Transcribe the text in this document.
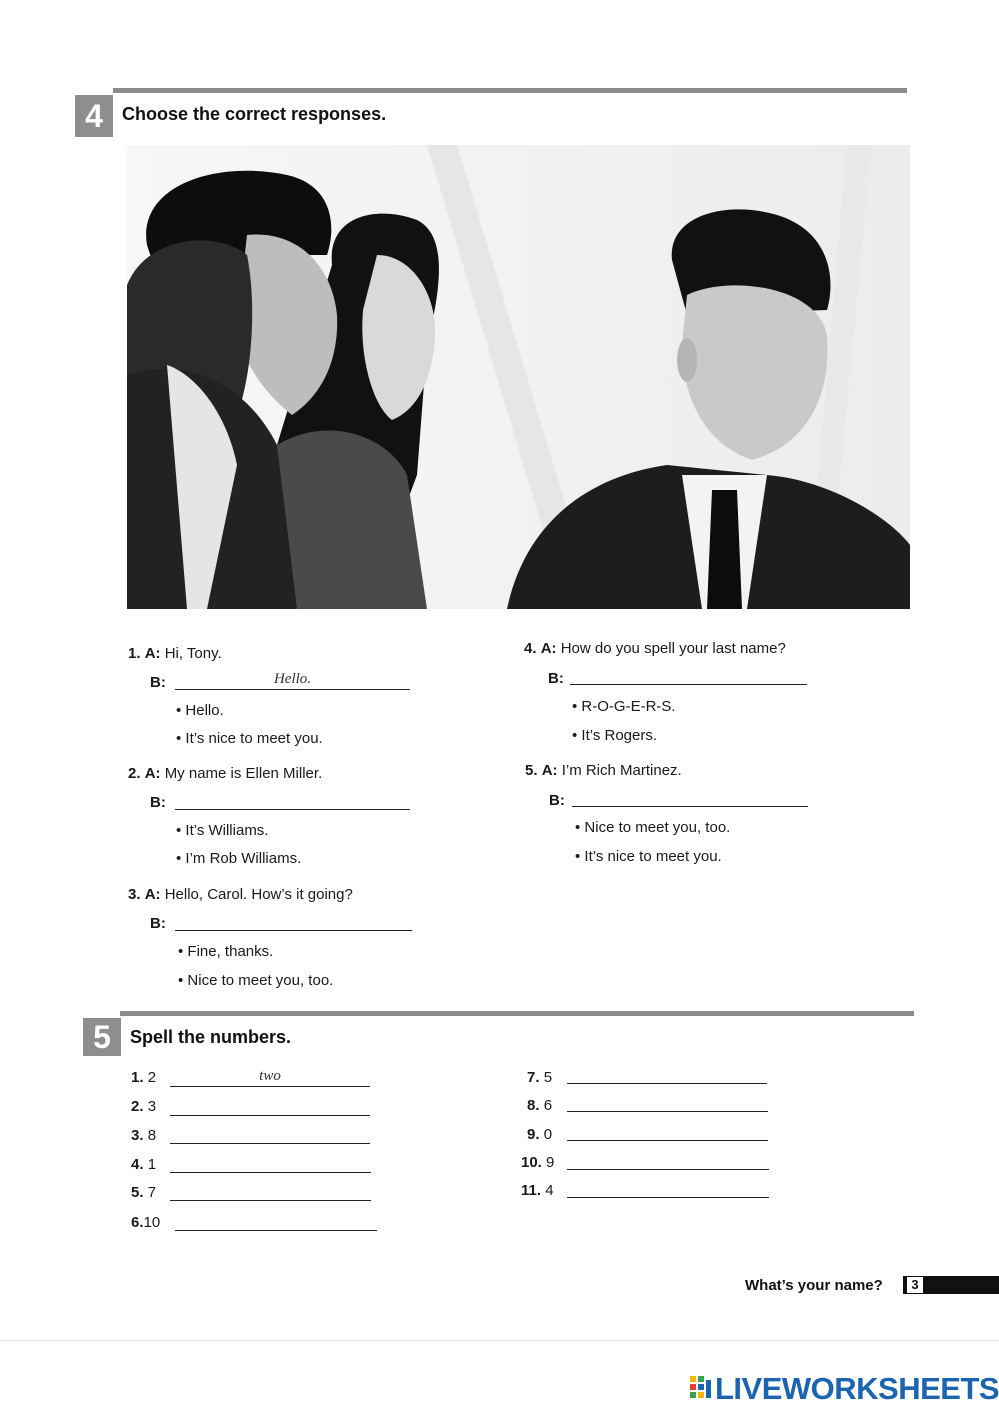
4	Choose the correct responses.
1. A: Hi, Tony.
B:	Hello.
• Hello.
• It’s nice to meet you.
2. A: My name is Ellen Miller.
B:
• It’s Williams.
• I’m Rob Williams.
3. A: Hello, Carol. How’s it going?
B:
• Fine, thanks.
• Nice to meet you, too.
4. A: How do you spell your last name?
B:
• R-O-G-E-R-S.
• It’s Rogers.
5. A: I’m Rich Martinez.
B:
• Nice to meet you, too.
• It’s nice to meet you.
5	Spell the numbers.
1. 2	two
2. 3
3. 8
4. 1
5. 7
6.10
7. 5
8. 6
9. 0
10. 9
11. 4
What’s your name?	3
LIVEWORKSHEETS
